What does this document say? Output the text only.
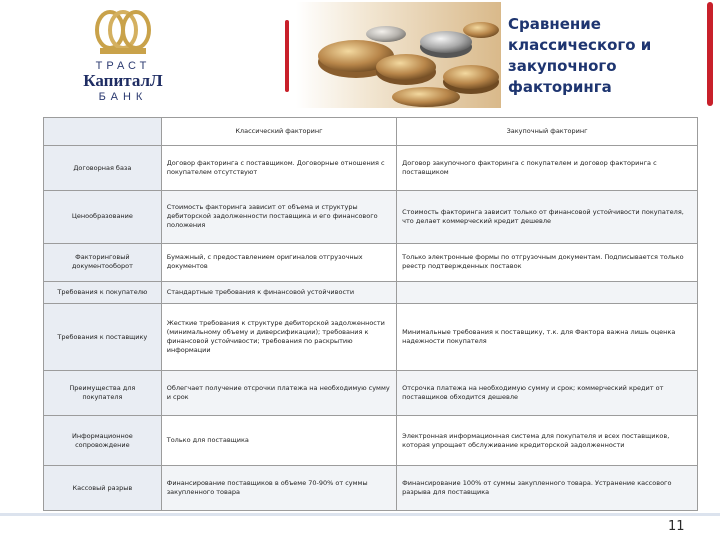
ТРАСТ
КапиталЛ
БАНК
Сравнение классического и закупочного факторинга
	Классический факторинг	Закупочный факторинг
Договорная база	Договор факторинга с поставщиком. Договорные отношения с покупателем отсутствуют	Договор закупочного факторинга с покупателем и договор факторинга с поставщиком
Ценообразование	Стоимость факторинга зависит от объема и структуры дебиторской задолженности поставщика и его финансового положения	Стоимость факторинга зависит только от финансовой устойчивости покупателя, что делает коммерческий кредит дешевле
Факторинговый документооборот	Бумажный, с предоставлением оригиналов отгрузочных документов	Только электронные формы по отгрузочным документам. Подписывается только реестр подтвержденных поставок
Требования к покупателю	Стандартные требования к финансовой устойчивости	
Требования к поставщику	Жесткие требования к структуре дебиторской задолженности (минимальному объему и диверсификации); требования к финансовой устойчивости; требования по раскрытию информации	Минимальные требования к поставщику, т.к. для Фактора важна лишь оценка надежности покупателя
Преимущества для покупателя	Облегчает получение отсрочки платежа на необходимую сумму и срок	Отсрочка платежа на необходимую сумму и срок; коммерческий кредит от поставщиков обходится дешевле
Информационное сопровождение	Только для поставщика	Электронная информационная система для покупателя и всех поставщиков, которая упрощает обслуживание кредиторской задолженности
Кассовый разрыв	Финансирование поставщиков в объеме 70-90% от суммы закупленного товара	Финансирование 100% от суммы закупленного товара. Устранение кассового разрыва для поставщика
11
